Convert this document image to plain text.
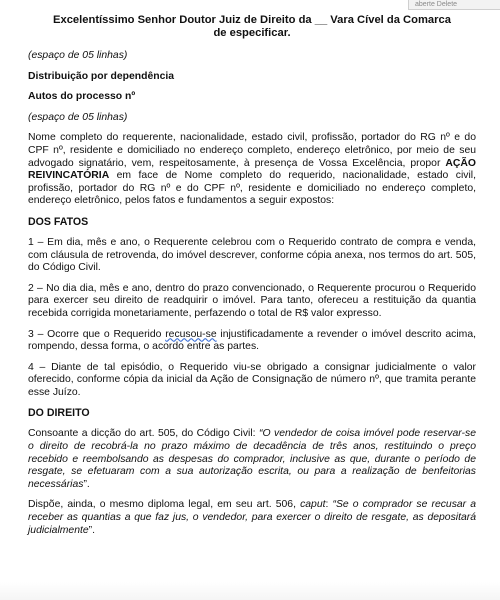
aberte Delete
Excelentíssimo Senhor Doutor Juiz de Direito da __ Vara Cível da Comarca
de especificar.

(espaço de 05 linhas)

Distribuição por dependência

Autos do processo nº

(espaço de 05 linhas)

Nome completo do requerente, nacionalidade, estado civil, profissão, portador do RG nº e do CPF nº, residente e domiciliado no endereço completo, endereço eletrônico, por meio de seu advogado signatário, vem, respeitosamente, à presença de Vossa Excelência, propor AÇÃO REIVINCATÓRIA em face de Nome completo do requerido, nacionalidade, estado civil, profissão, portador do RG nº e do CPF nº, residente e domiciliado no endereço completo, endereço eletrônico, pelos fatos e fundamentos a seguir expostos:

DOS FATOS

1 – Em dia, mês e ano, o Requerente celebrou com o Requerido contrato de compra e venda, com cláusula de retrovenda, do imóvel descrever, conforme cópia anexa, nos termos do art. 505, do Código Civil.

2 – No dia dia, mês e ano, dentro do prazo convencionado, o Requerente procurou o Requerido para exercer seu direito de readquirir o imóvel. Para tanto, ofereceu a restituição da quantia recebida corrigida monetariamente, perfazendo o total de R$ valor expresso.

3 – Ocorre que o Requerido recusou-se injustificadamente a revender o imóvel descrito acima, rompendo, dessa forma, o acordo entre as partes.

4 – Diante de tal episódio, o Requerido viu-se obrigado a consignar judicialmente o valor oferecido, conforme cópia da inicial da Ação de Consignação de número nº, que tramita perante esse Juízo.

DO DIREITO

Consoante a dicção do art. 505, do Código Civil: “O vendedor de coisa imóvel pode reservar-se o direito de recobrá-la no prazo máximo de decadência de três anos, restituindo o preço recebido e reembolsando as despesas do comprador, inclusive as que, durante o período de resgate, se efetuaram com a sua autorização escrita, ou para a realização de benfeitorias necessárias”.

Dispõe, ainda, o mesmo diploma legal, em seu art. 506, caput: “Se o comprador se recusar a receber as quantias a que faz jus, o vendedor, para exercer o direito de resgate, as depositará judicialmente”.
